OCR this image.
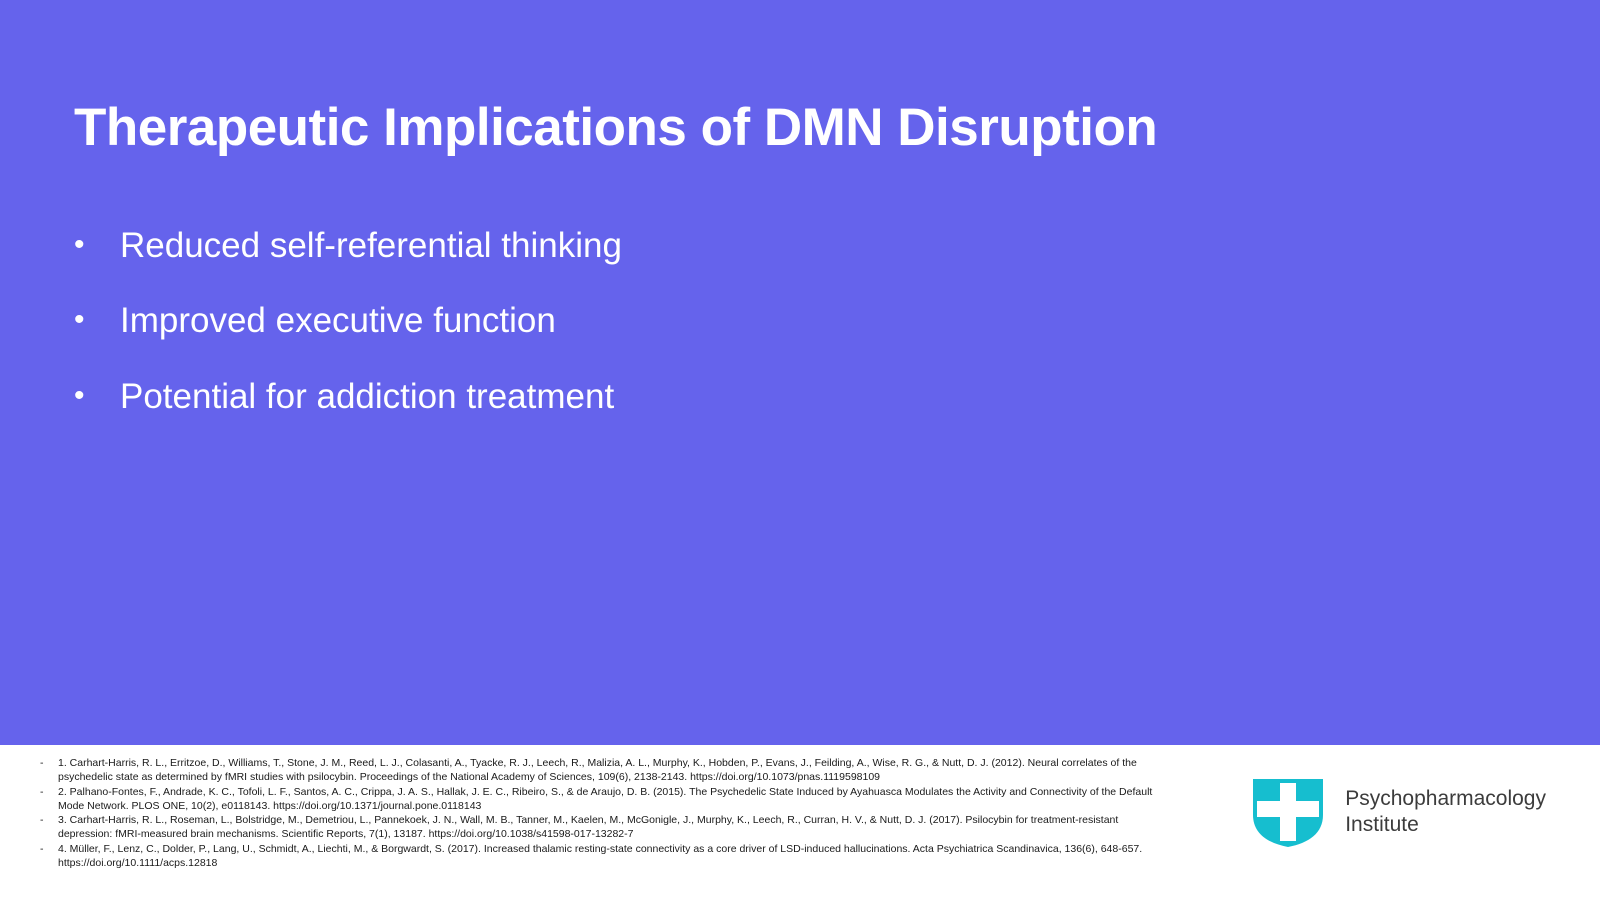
Therapeutic Implications of DMN Disruption
•	Reduced self-referential thinking
•	Improved executive function
•	Potential for addiction treatment
-	1. Carhart-Harris, R. L., Erritzoe, D., Williams, T., Stone, J. M., Reed, L. J., Colasanti, A., Tyacke, R. J., Leech, R., Malizia, A. L., Murphy, K., Hobden, P., Evans, J., Feilding, A., Wise, R. G., & Nutt, D. J. (2012). Neural correlates of the psychedelic state as determined by fMRI studies with psilocybin. Proceedings of the National Academy of Sciences, 109(6), 2138-2143. https://doi.org/10.1073/pnas.1119598109
-	2. Palhano-Fontes, F., Andrade, K. C., Tofoli, L. F., Santos, A. C., Crippa, J. A. S., Hallak, J. E. C., Ribeiro, S., & de Araujo, D. B. (2015). The Psychedelic State Induced by Ayahuasca Modulates the Activity and Connectivity of the Default Mode Network. PLOS ONE, 10(2), e0118143. https://doi.org/10.1371/journal.pone.0118143
-	3. Carhart-Harris, R. L., Roseman, L., Bolstridge, M., Demetriou, L., Pannekoek, J. N., Wall, M. B., Tanner, M., Kaelen, M., McGonigle, J., Murphy, K., Leech, R., Curran, H. V., & Nutt, D. J. (2017). Psilocybin for treatment-resistant depression: fMRI-measured brain mechanisms. Scientific Reports, 7(1), 13187. https://doi.org/10.1038/s41598-017-13282-7
-	4. Müller, F., Lenz, C., Dolder, P., Lang, U., Schmidt, A., Liechti, M., & Borgwardt, S. (2017). Increased thalamic resting-state connectivity as a core driver of LSD-induced hallucinations. Acta Psychiatrica Scandinavica, 136(6), 648-657. https://doi.org/10.1111/acps.12818
Psychopharmacology
Institute
